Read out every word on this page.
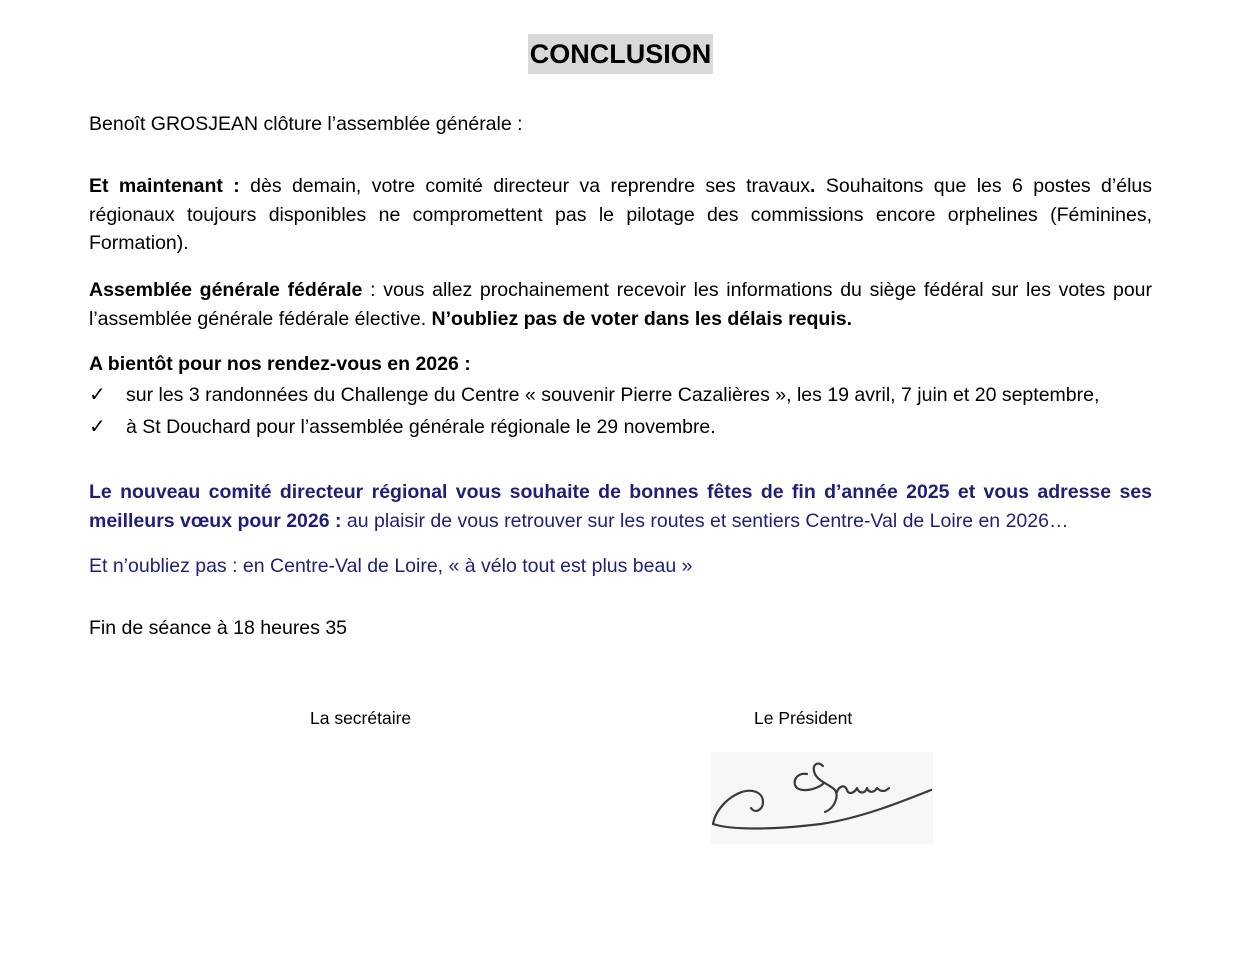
CONCLUSION

Benoît GROSJEAN clôture l’assemblée générale :

Et maintenant : dès demain, votre comité directeur va reprendre ses travaux. Souhaitons que les 6 postes d’élus régionaux toujours disponibles ne compromettent pas le pilotage des commissions encore orphelines (Féminines, Formation).

Assemblée générale fédérale : vous allez prochainement recevoir les informations du siège fédéral sur les votes pour l’assemblée générale fédérale élective. N’oubliez pas de voter dans les délais requis.

A bientôt pour nos rendez-vous en 2026 :

✓ sur les 3 randonnées du Challenge du Centre « souvenir Pierre Cazalières », les 19 avril, 7 juin et 20 septembre,
✓ à St Douchard pour l’assemblée générale régionale le 29 novembre.

Le nouveau comité directeur régional vous souhaite de bonnes fêtes de fin d’année 2025 et vous adresse ses meilleurs vœux pour 2026 : au plaisir de vous retrouver sur les routes et sentiers Centre-Val de Loire en 2026…

Et n’oubliez pas : en Centre-Val de Loire, « à vélo tout est plus beau »

Fin de séance à 18 heures 35

La secrétaire	Le Président
